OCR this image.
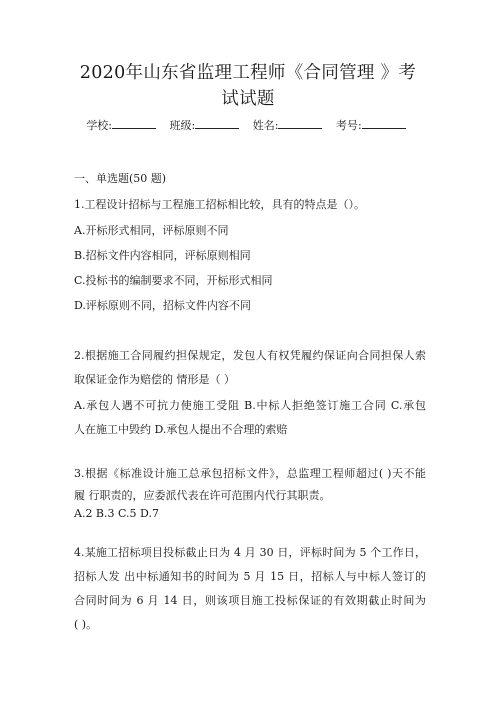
2020年山东省监理工程师《合同管理 》考
试试题
学校:	班级:	姓名:	考号:
一、单选题(50 题)
1.工程设计招标与工程施工招标相比较，具有的特点是（）。
A.开标形式相同，评标原则不同
B.招标文件内容相同，评标原则相同
C.投标书的编制要求不同，开标形式相同
D.评标原则不同，招标文件内容不同
2.根据施工合同履约担保规定，发包人有权凭履约保证向合同担保人索
取保证金作为赔偿的 情形是（ ）
A.承包人遇不可抗力使施工受阻 B.中标人拒绝签订施工合同 C.承包
人在施工中毁约 D.承包人提出不合理的索赔
3.根据《标准设计施工总承包招标文件》，总监理工程师超过( )天不能
履 行职责的，应委派代表在许可范围内代行其职责。
A.2 B.3 C.5 D.7
4.某施工招标项目投标截止日为 4 月 30 日，评标时间为 5 个工作日，
招标人发 出中标通知书的时间为 5 月 15 日，招标人与中标人签订的
合同时间为 6 月 14 日，则该项目施工投标保证的有效期截止时间为
( )。
